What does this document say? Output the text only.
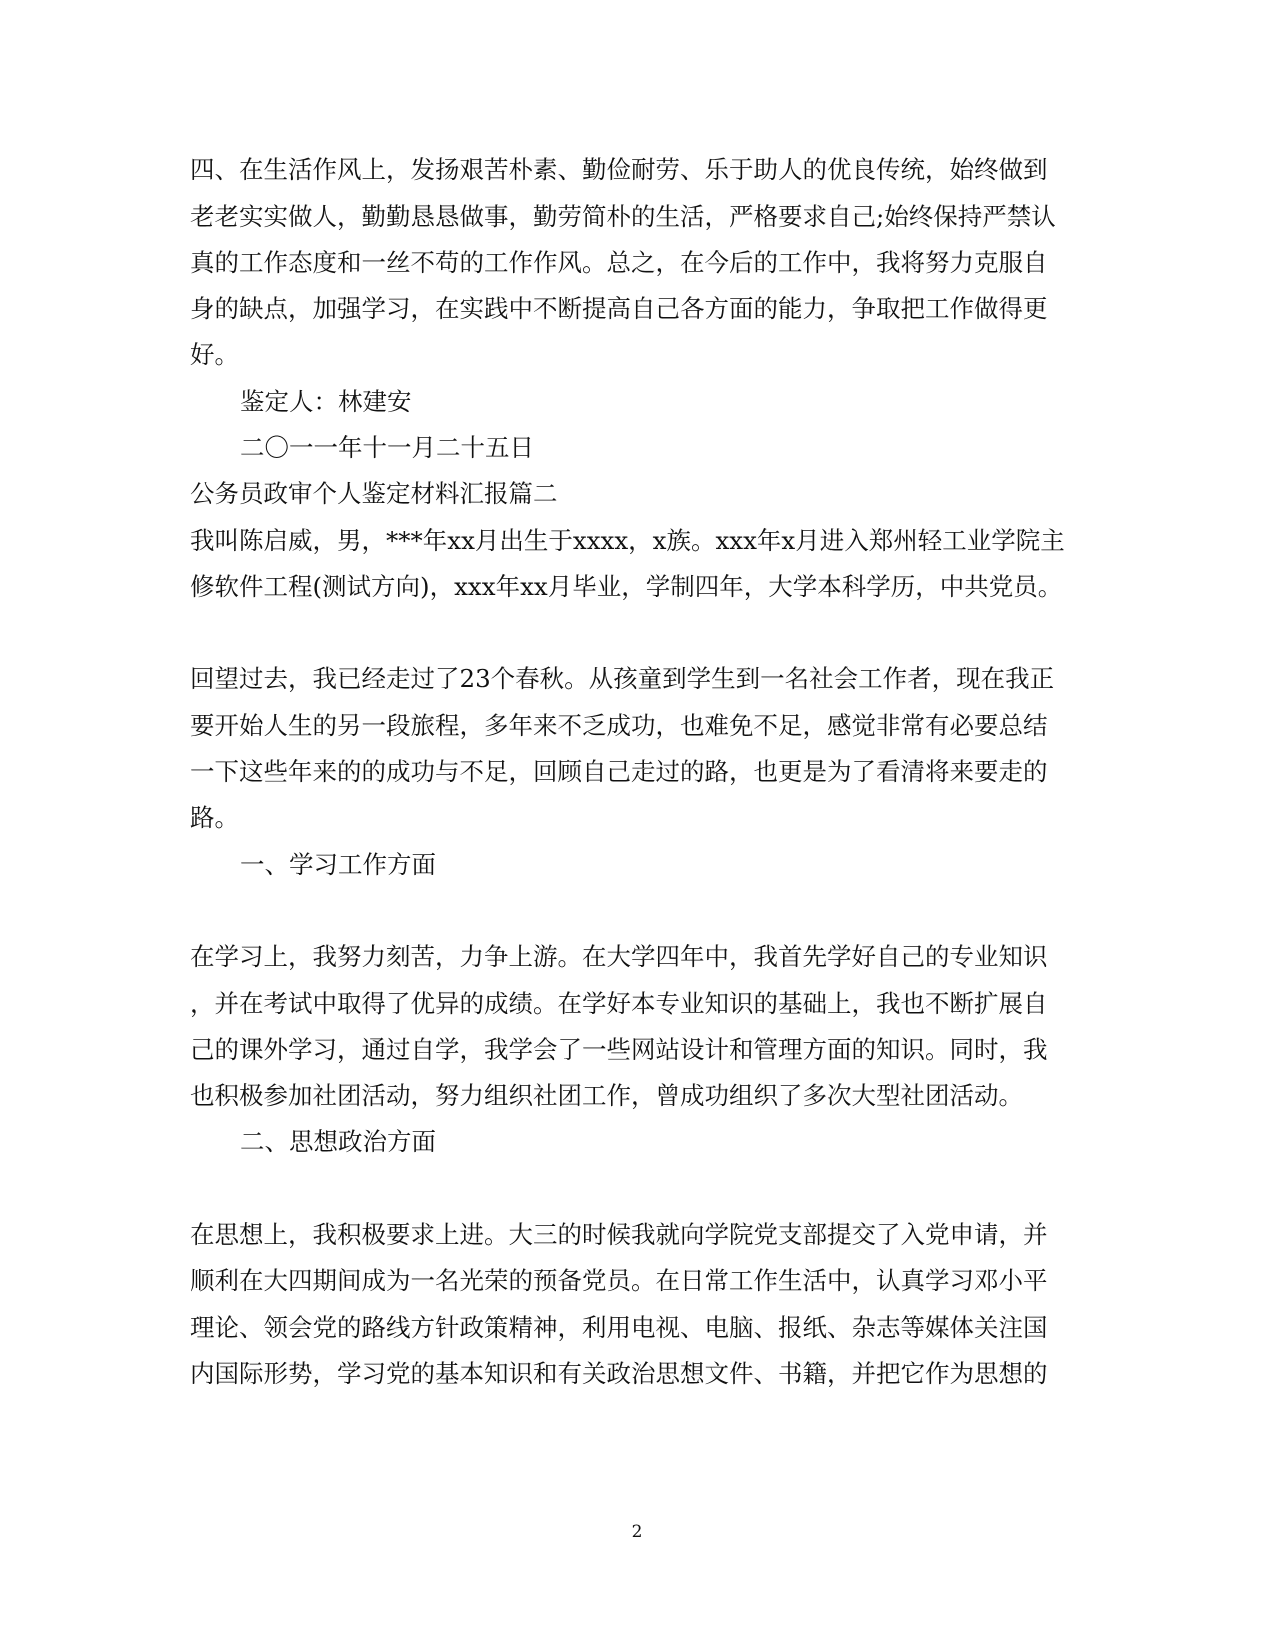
四、在生活作风上，发扬艰苦朴素、勤俭耐劳、乐于助人的优良传统，始终做到
老老实实做人，勤勤恳恳做事，勤劳简朴的生活，严格要求自己;始终保持严禁认
真的工作态度和一丝不苟的工作作风。总之，在今后的工作中，我将努力克服自
身的缺点，加强学习，在实践中不断提高自己各方面的能力，争取把工作做得更
好。
鉴定人：林建安
二〇一一年十一月二十五日
公务员政审个人鉴定材料汇报篇二
我叫陈启威，男，***年xx月出生于xxxx，x族。xxx年x月进入郑州轻工业学院主
修软件工程(测试方向)，xxx年xx月毕业，学制四年，大学本科学历，中共党员。
回望过去，我已经走过了23个春秋。从孩童到学生到一名社会工作者，现在我正
要开始人生的另一段旅程，多年来不乏成功，也难免不足，感觉非常有必要总结
一下这些年来的的成功与不足，回顾自己走过的路，也更是为了看清将来要走的
路。
一、学习工作方面
在学习上，我努力刻苦，力争上游。在大学四年中，我首先学好自己的专业知识
，并在考试中取得了优异的成绩。在学好本专业知识的基础上，我也不断扩展自
己的课外学习，通过自学，我学会了一些网站设计和管理方面的知识。同时，我
也积极参加社团活动，努力组织社团工作，曾成功组织了多次大型社团活动。
二、思想政治方面
在思想上，我积极要求上进。大三的时候我就向学院党支部提交了入党申请，并
顺利在大四期间成为一名光荣的预备党员。在日常工作生活中，认真学习邓小平
理论、领会党的路线方针政策精神，利用电视、电脑、报纸、杂志等媒体关注国
内国际形势，学习党的基本知识和有关政治思想文件、书籍，并把它作为思想的
2
